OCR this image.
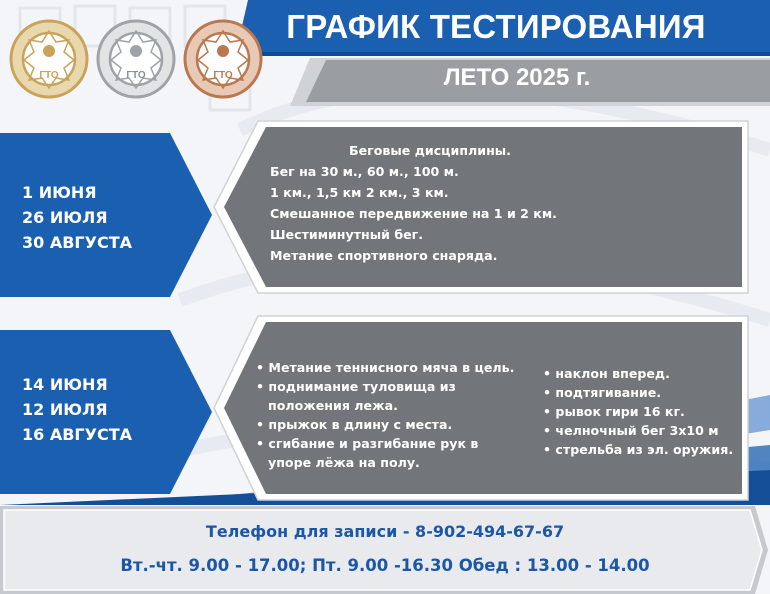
ГТО	ГТО	ГТО
ГРАФИК ТЕСТИРОВАНИЯ
ЛЕТО 2025 г.
1 ИЮНЯ
26 ИЮЛЯ
30 АВГУСТА
Беговые дисциплины.
Бег на 30 м., 60 м., 100 м.
1 км., 1,5 км 2 км., 3 км.
Смешанное передвижение на 1 и 2 км.
Шестиминутный бег.
Метание спортивного снаряда.
14 ИЮНЯ
12 ИЮЛЯ
16 АВГУСТА
• Метание теннисного мяча в цель.
• поднимание туловища из
положения лежа.
• прыжок в длину с места.
• сгибание и разгибание рук в
упоре лёжа на полу.
• наклон вперед.
• подтягивание.
• рывок гири 16 кг.
• челночный бег 3х10 м
• стрельба из эл. оружия.
Телефон для записи - 8-902-494-67-67
Вт.-чт. 9.00 - 17.00; Пт. 9.00 -16.30 Обед : 13.00 - 14.00
